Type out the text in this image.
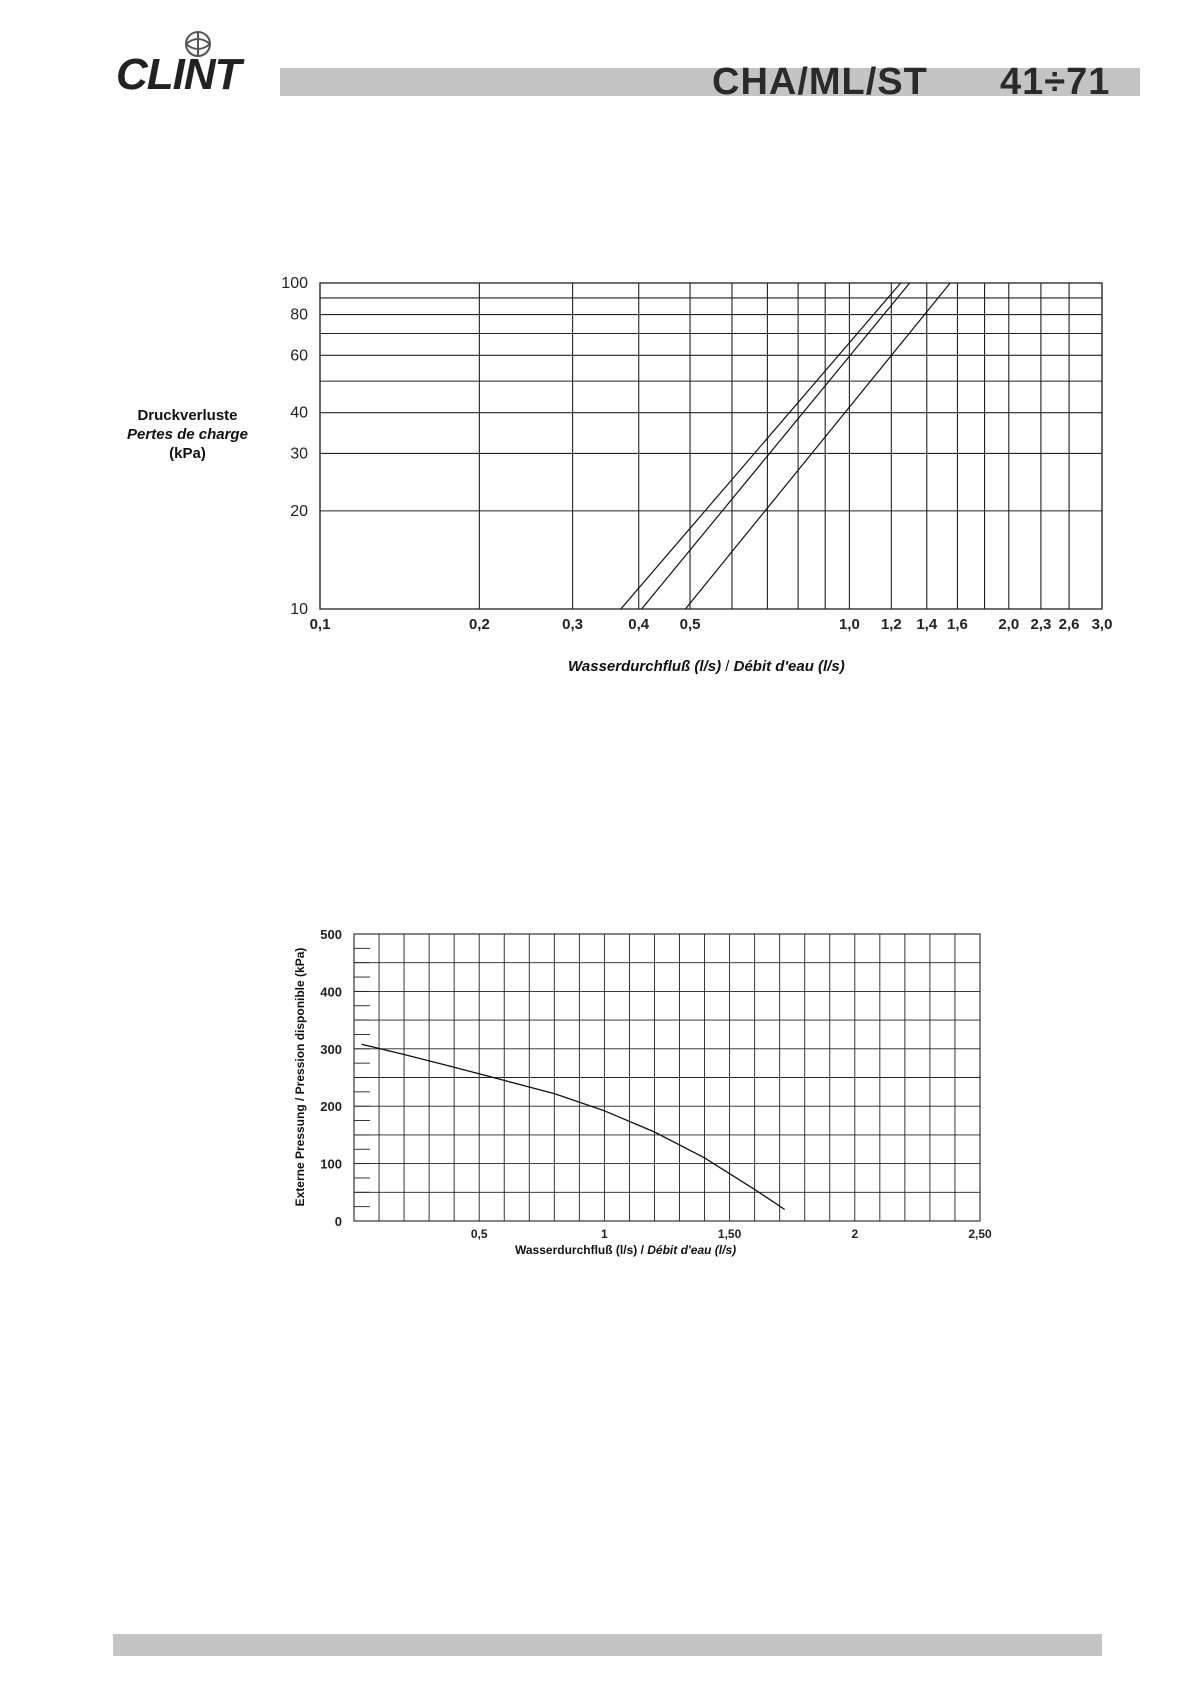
CLINT	CHA/ML/ST 41÷71
Druckverluste
Pertes de charge
(kPa)
Wasserdurchfluß (l/s) / Débit d'eau (l/s)
Externe Pressung / Pression disponible (kPa)
Wasserdurchfluß (l/s) / Débit d'eau (l/s)
0,1	0,2	0,3	0,4 0,5	1,0 1,2 1,4 1,6 2,0 2,3 2,6 3,0
10
20
30
40
60
80
100
0,5	1	1,50	2	2,50
0
100
200
300
400
500
